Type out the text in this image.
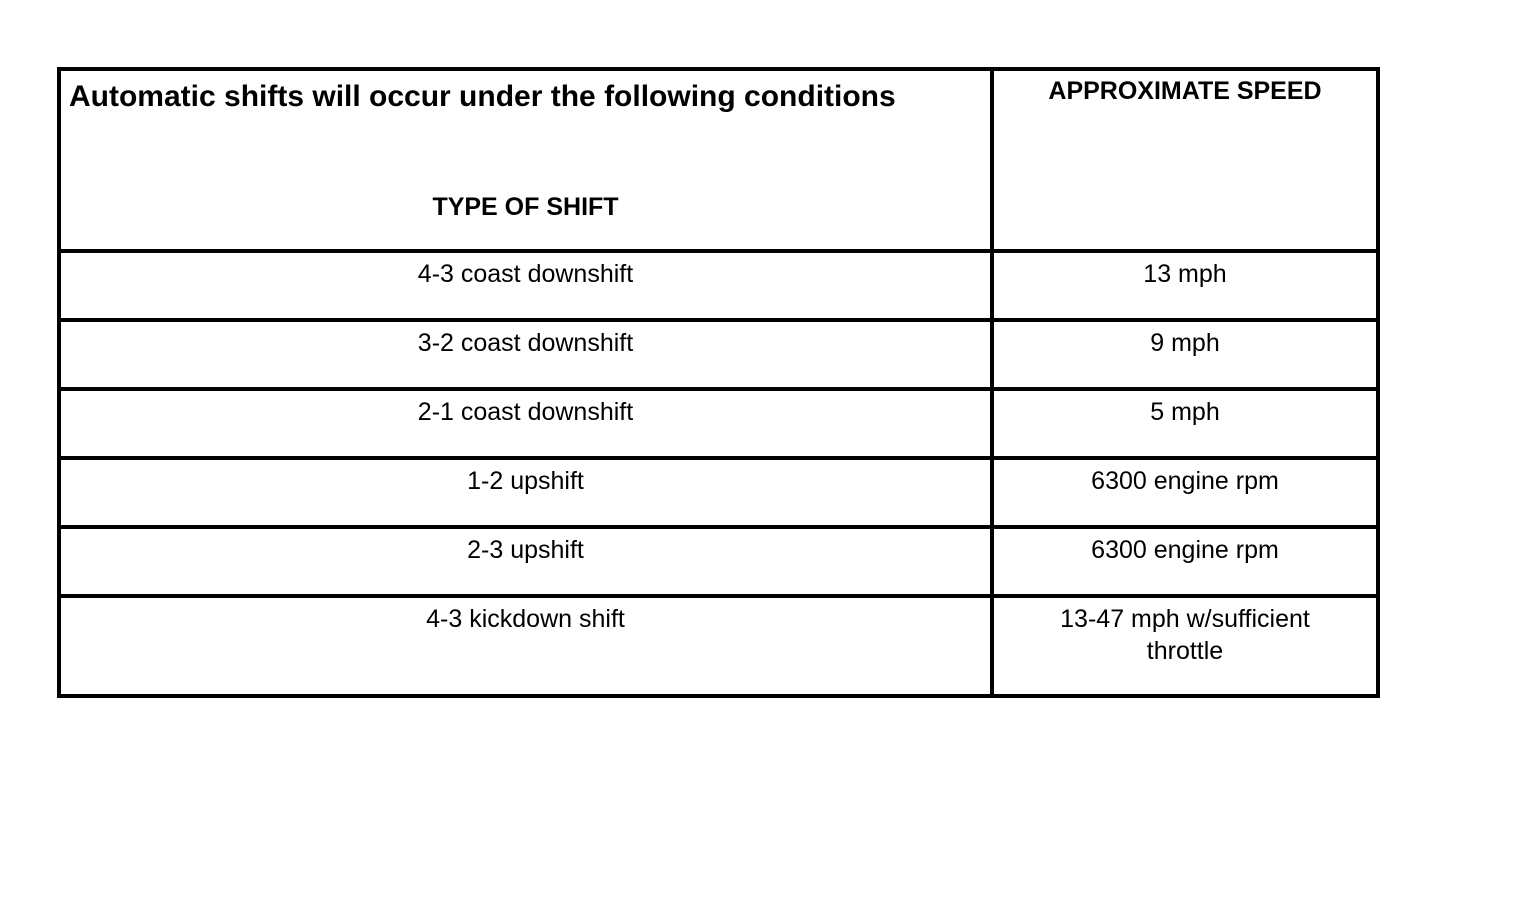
Automatic shifts will occur under the following conditions
TYPE OF SHIFT	APPROXIMATE SPEED

4-3 coast downshift	13 mph

3-2 coast downshift	9 mph

2-1 coast downshift	5 mph

1-2 upshift	6300 engine rpm

2-3 upshift	6300 engine rpm

4-3 kickdown shift	13-47 mph w/sufficient throttle
